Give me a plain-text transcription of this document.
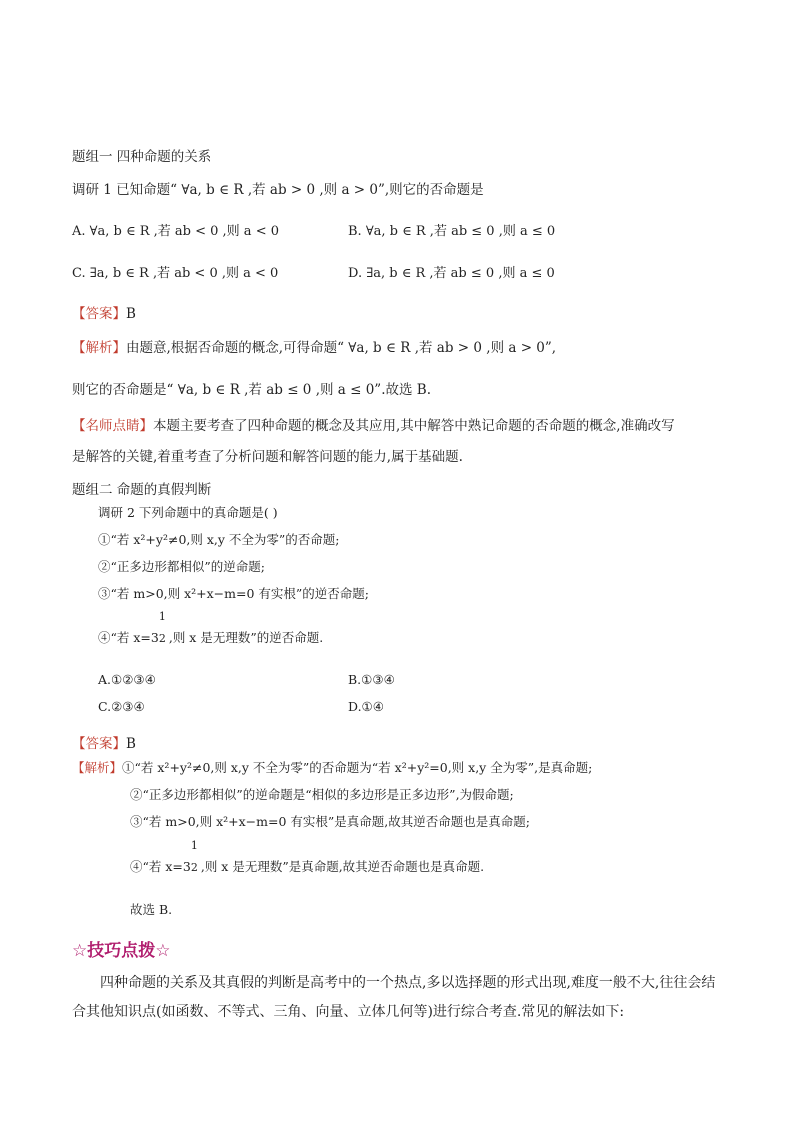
题组一 四种命题的关系
调研 1 已知命题“ ∀a, b ∈ R ,若 ab > 0 ,则 a > 0”,则它的否命题是
A. ∀a, b ∈ R ,若 ab < 0 ,则 a < 0	B. ∀a, b ∈ R ,若 ab ≤ 0 ,则 a ≤ 0
C. ∃a, b ∈ R ,若 ab < 0 ,则 a < 0	D. ∃a, b ∈ R ,若 ab ≤ 0 ,则 a ≤ 0
【答案】B
【解析】由题意,根据否命题的概念,可得命题“ ∀a, b ∈ R ,若 ab > 0 ,则 a > 0”,
则它的否命题是“ ∀a, b ∈ R ,若 ab ≤ 0 ,则 a ≤ 0”.故选 B.
【名师点睛】本题主要考查了四种命题的概念及其应用,其中解答中熟记命题的否命题的概念,准确改写
是解答的关键,着重考查了分析问题和解答问题的能力,属于基础题.
题组二 命题的真假判断
调研 2 下列命题中的真命题是( )
①“若 x²+y²≠0,则 x,y 不全为零”的否命题;
②“正多边形都相似”的逆命题;
③“若 m>0,则 x²+x−m=0 有实根”的逆否命题;
④“若 x=3
1
2 ,则 x 是无理数”的逆否命题.
A.①②③④	B.①③④
C.②③④	D.①④
【答案】B
【解析】①“若 x²+y²≠0,则 x,y 不全为零”的否命题为“若 x²+y²=0,则 x,y 全为零”,是真命题;
②“正多边形都相似”的逆命题是“相似的多边形是正多边形”,为假命题;
③“若 m>0,则 x²+x−m=0 有实根”是真命题,故其逆否命题也是真命题;
④“若 x=3
1
2 ,则 x 是无理数”是真命题,故其逆否命题也是真命题.
故选 B.
☆技巧点拨☆
四种命题的关系及其真假的判断是高考中的一个热点,多以选择题的形式出现,难度一般不大,往往会结合其他知识点(如函数、不等式、三角、向量、立体几何等)进行综合考查.常见的解法如下:
